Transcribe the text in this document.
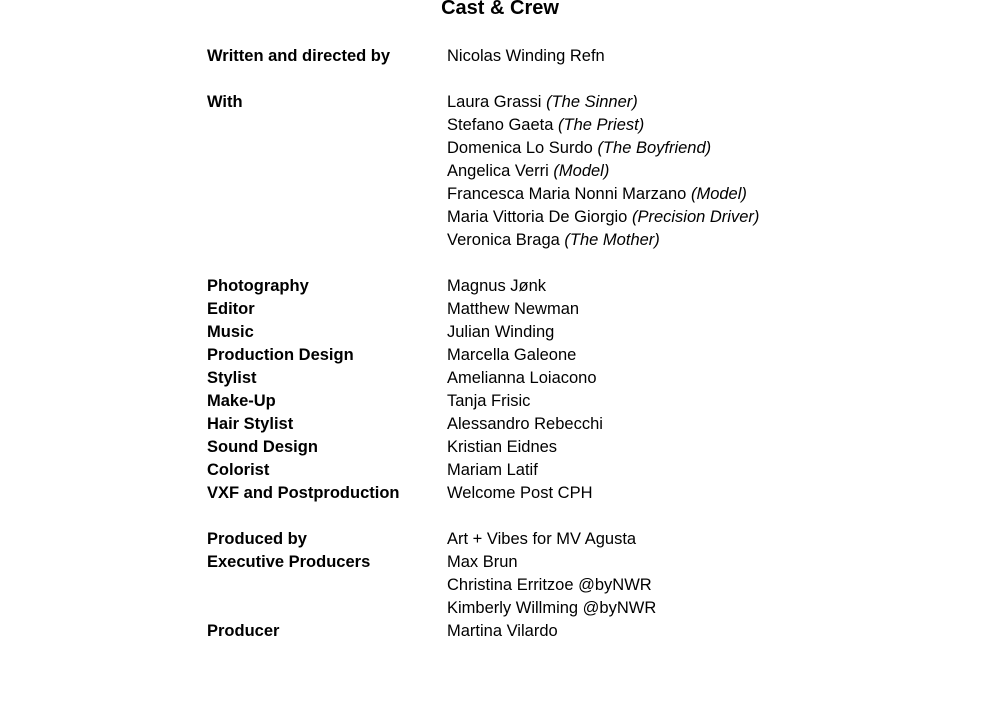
Cast & Crew
Written and directed by	Nicolas Winding Refn
With	Laura Grassi (The Sinner)
Stefano Gaeta (The Priest)
Domenica Lo Surdo (The Boyfriend)
Angelica Verri (Model)
Francesca Maria Nonni Marzano (Model)
Maria Vittoria De Giorgio (Precision Driver)
Veronica Braga (The Mother)
Photography	Magnus Jønk
Editor	Matthew Newman
Music	Julian Winding
Production Design	Marcella Galeone
Stylist	Amelianna Loiacono
Make-Up	Tanja Frisic
Hair Stylist	Alessandro Rebecchi
Sound Design	Kristian Eidnes
Colorist	Mariam Latif
VXF and Postproduction	Welcome Post CPH
Produced by	Art + Vibes for MV Agusta
Executive Producers	Max Brun
Christina Erritzoe @byNWR
Kimberly Willming @byNWR
Producer	Martina Vilardo
